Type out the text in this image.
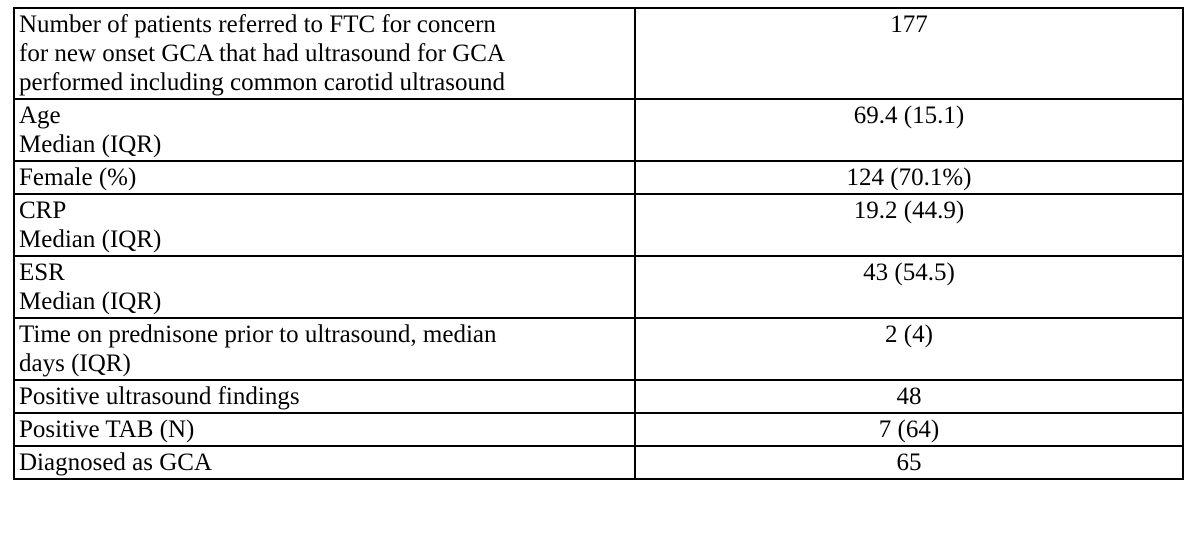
Number of patients referred to FTC for concern
for new onset GCA that had ultrasound for GCA
performed including common carotid ultrasound	177
Age
Median (IQR)	69.4 (15.1)
Female (%)	124 (70.1%)
CRP
Median (IQR)	19.2 (44.9)
ESR
Median (IQR)	43 (54.5)
Time on prednisone prior to ultrasound, median
days (IQR)	2 (4)
Positive ultrasound findings	48
Positive TAB (N)	7 (64)
Diagnosed as GCA	65
